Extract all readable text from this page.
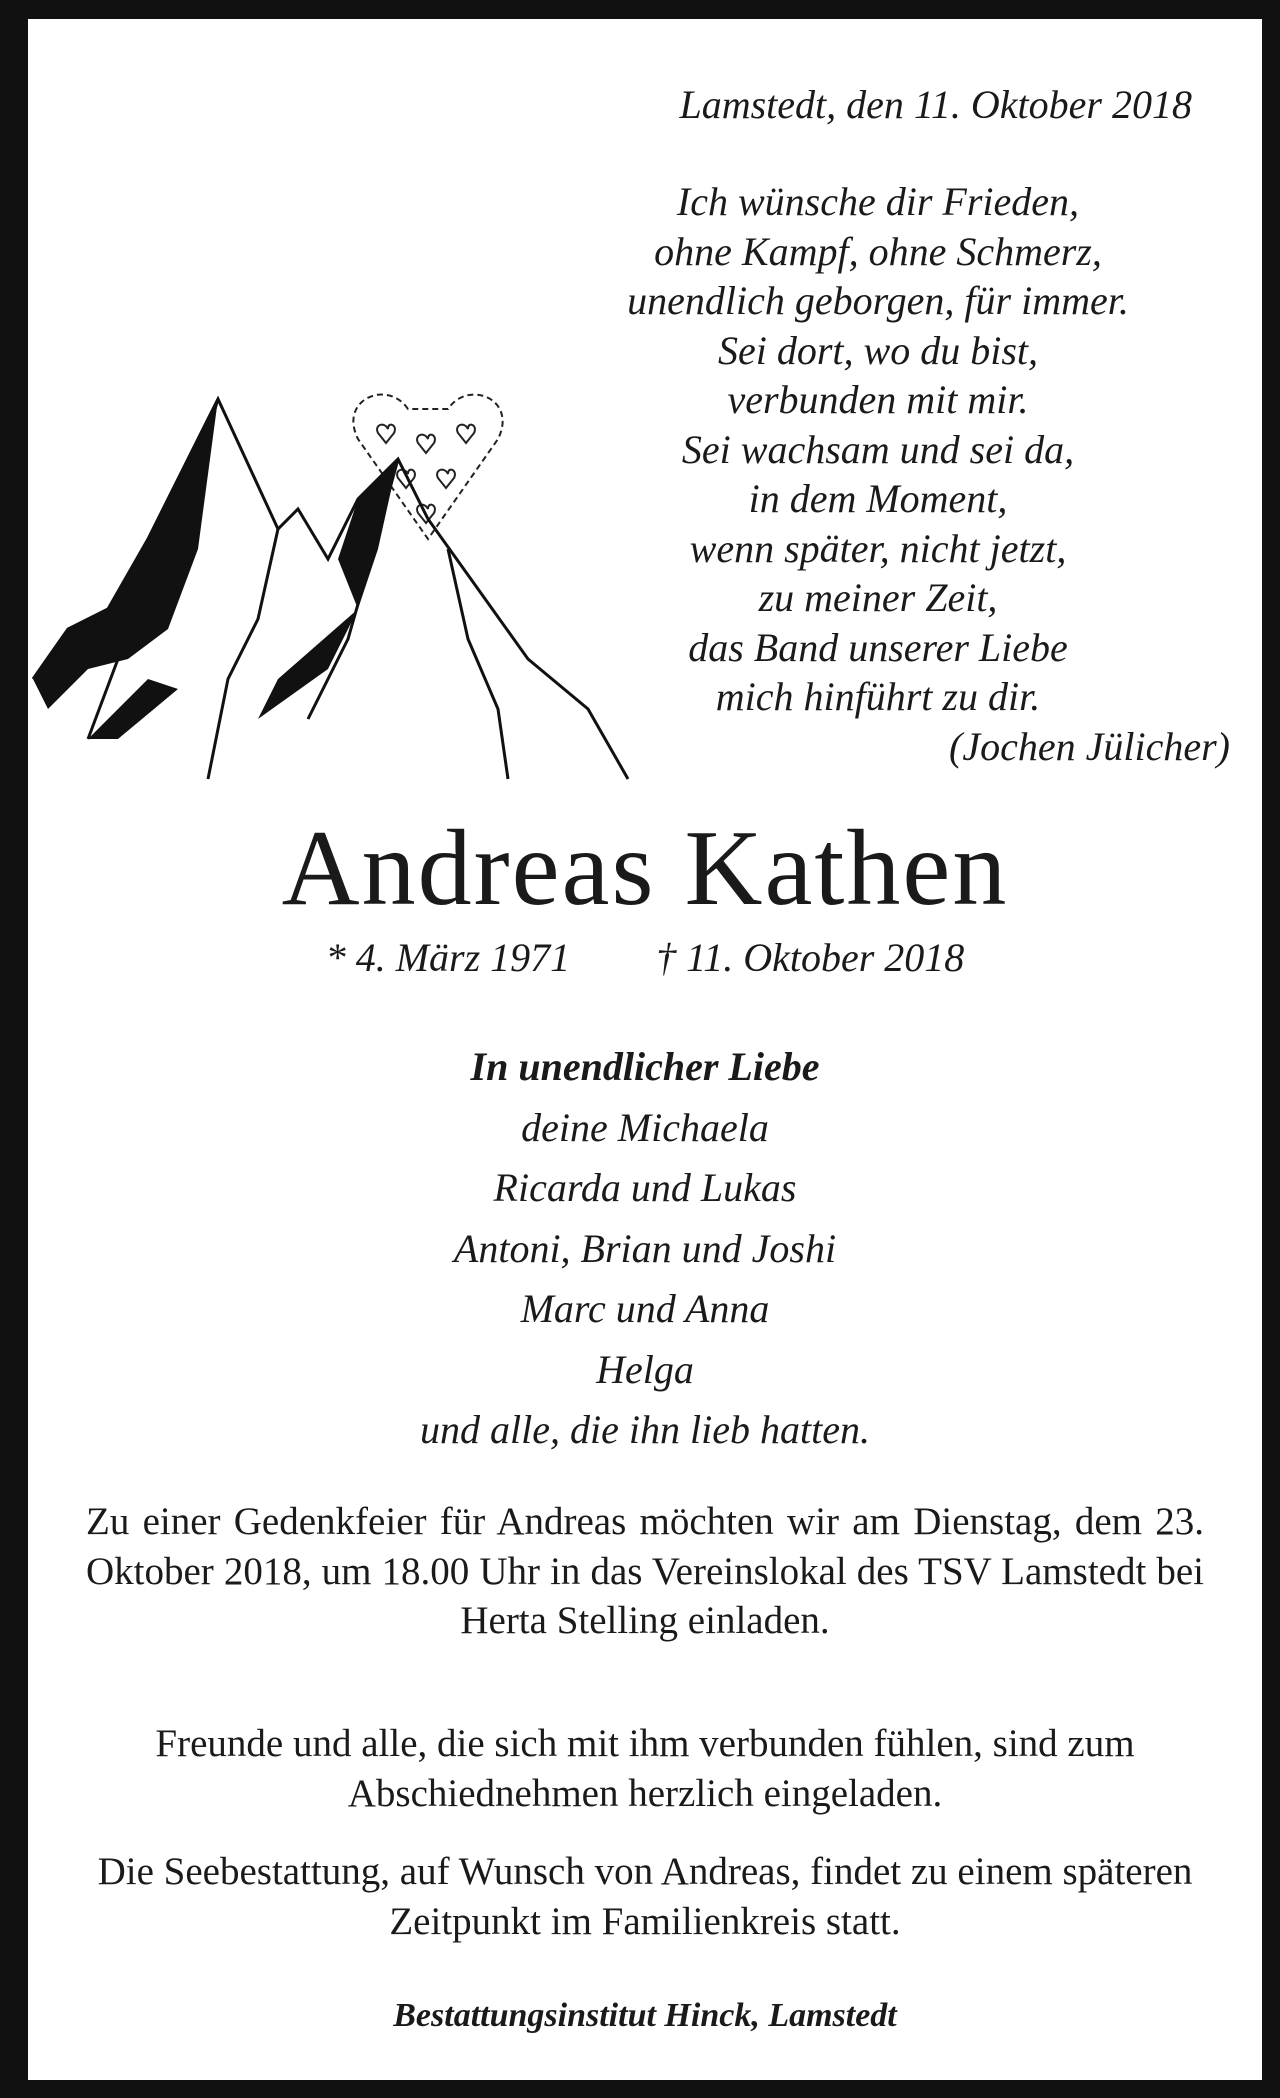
Lamstedt, den 11. Oktober 2018
Ich wünsche dir Frieden,
ohne Kampf, ohne Schmerz,
unendlich geborgen, für immer.
Sei dort, wo du bist,
verbunden mit mir.
Sei wachsam und sei da,
in dem Moment,
wenn später, nicht jetzt,
zu meiner Zeit,
das Band unserer Liebe
mich hinführt zu dir.
(Jochen Jülicher)
Andreas Kathen
* 4. März 1971 † 11. Oktober 2018
In unendlicher Liebe
deine Michaela
Ricarda und Lukas
Antoni, Brian und Joshi
Marc und Anna
Helga
und alle, die ihn lieb hatten.
Zu einer Gedenkfeier für Andreas möchten wir am Dienstag, dem 23. Oktober 2018, um 18.00 Uhr in das Vereinslokal des TSV Lamstedt bei Herta Stelling einladen.
Freunde und alle, die sich mit ihm verbunden fühlen, sind zum Abschiednehmen herzlich eingeladen.
Die Seebestattung, auf Wunsch von Andreas, findet zu einem späteren Zeitpunkt im Familienkreis statt.
Bestattungsinstitut Hinck, Lamstedt
